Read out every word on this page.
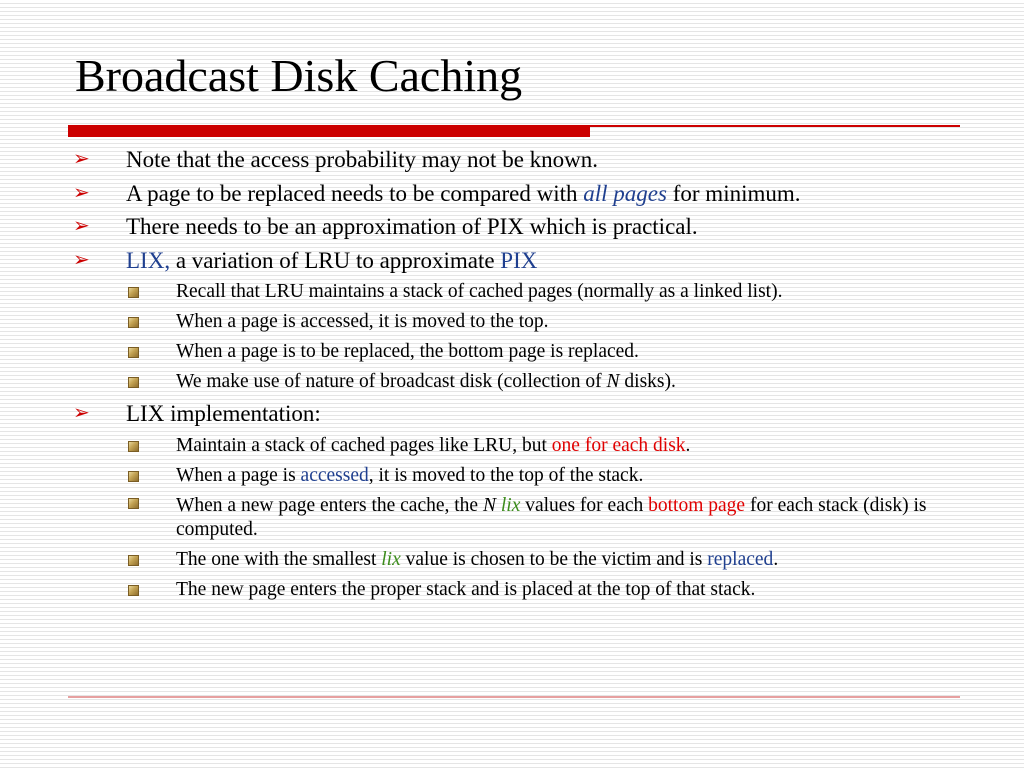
Broadcast Disk Caching
➢	Note that the access probability may not be known.
➢	A page to be replaced needs to be compared with all pages for minimum.
➢	There needs to be an approximation of PIX which is practical.
➢	LIX, a variation of LRU to approximate PIX
Recall that LRU maintains a stack of cached pages (normally as a linked list).
When a page is accessed, it is moved to the top.
When a page is to be replaced, the bottom page is replaced.
We make use of nature of broadcast disk (collection of N disks).
➢	LIX implementation:
Maintain a stack of cached pages like LRU, but one for each disk.
When a page is accessed, it is moved to the top of the stack.
When a new page enters the cache, the N lix values for each bottom page for each stack (disk) is computed.
The one with the smallest lix value is chosen to be the victim and is replaced.
The new page enters the proper stack and is placed at the top of that stack.
